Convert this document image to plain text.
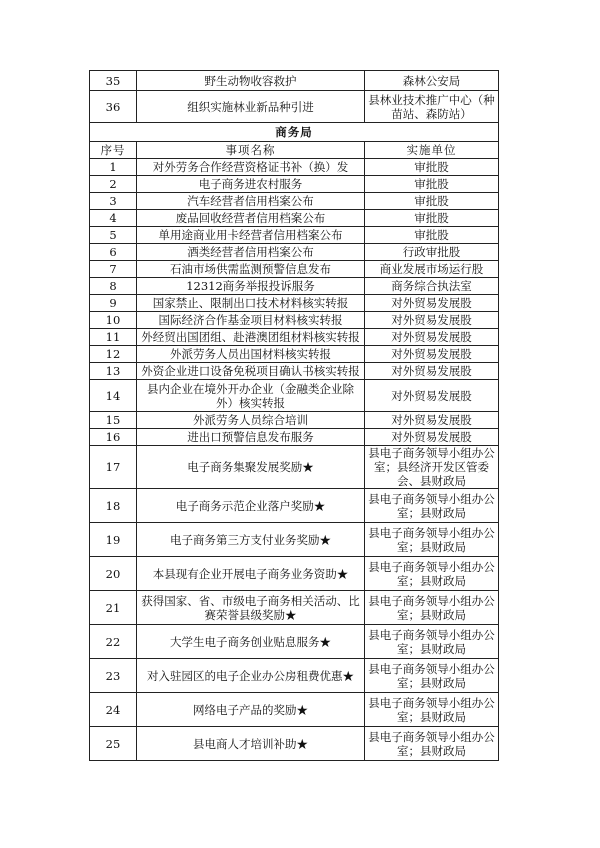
35	野生动物收容救护	森林公安局
36	组织实施林业新品种引进	县林业技术推广中心（种苗站、森防站）
商务局		
序号	事项名称	实施单位
1	对外劳务合作经营资格证书补（换）发	审批股
2	电子商务进农村服务	审批股
3	汽车经营者信用档案公布	审批股
4	废品回收经营者信用档案公布	审批股
5	单用途商业用卡经营者信用档案公布	审批股
6	酒类经营者信用档案公布	行政审批股
7	石油市场供需监测预警信息发布	商业发展市场运行股
8	12312商务举报投诉服务	商务综合执法室
9	国家禁止、限制出口技术材料核实转报	对外贸易发展股
10	国际经济合作基金项目材料核实转报	对外贸易发展股
11	外经贸出国团组、赴港澳团组材料核实转报	对外贸易发展股
12	外派劳务人员出国材料核实转报	对外贸易发展股
13	外资企业进口设备免税项目确认书核实转报	对外贸易发展股
14	县内企业在境外开办企业（金融类企业除外）核实转报	对外贸易发展股
15	外派劳务人员综合培训	对外贸易发展股
16	进出口预警信息发布服务	对外贸易发展股
17	电子商务集聚发展奖励★	县电子商务领导小组办公室；县经济开发区管委会、县财政局
18	电子商务示范企业落户奖励★	县电子商务领导小组办公室；县财政局
19	电子商务第三方支付业务奖励★	县电子商务领导小组办公室；县财政局
20	本县现有企业开展电子商务业务资助★	县电子商务领导小组办公室；县财政局
21	获得国家、省、市级电子商务相关活动、比赛荣誉县级奖励★	县电子商务领导小组办公室；县财政局
22	大学生电子商务创业贴息服务★	县电子商务领导小组办公室；县财政局
23	对入驻园区的电子企业办公房租费优惠★	县电子商务领导小组办公室；县财政局
24	网络电子产品的奖励★	县电子商务领导小组办公室；县财政局
25	县电商人才培训补助★	县电子商务领导小组办公室；县财政局
